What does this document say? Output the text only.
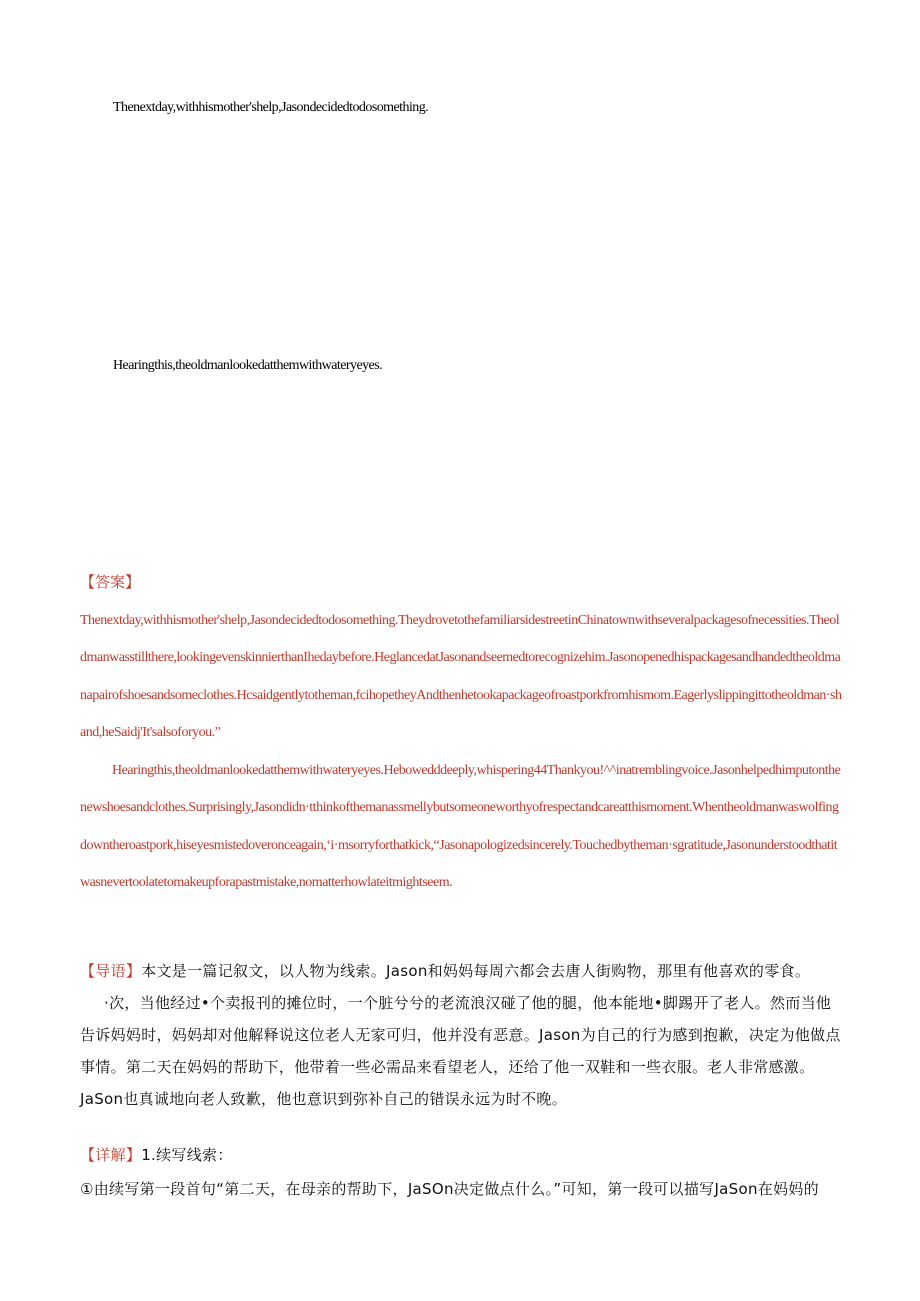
Thenextday,withhismother'shelp,Jasondecidedtodosomething.
Hearingthis,theoldmanlookedatthemwithwateryeyes.
【答案】

Thenextday,withhismother'shelp,Jasondecidedtodosomething.TheydrovetothefamiliarsidestreetinChinatownwithseveralpackagesofnecessities.Theoldmanwasstillthere,lookingevenskinnierthanIhedaybefore.HeglancedatJasonandseemedtorecognizehim.Jasonopenedhispackagesandhandedtheoldmanapairofshoesandsomeclothes.Hcsaidgentlytotheman,fcihopetheyAndthenhetookapackageofroastporkfromhismom.Eagerlyslippingittotheoldman·shand,heSaidj'It'salsoforyou.”

Hearingthis,theoldmanlookedatthemwithwateryeyes.Hebowedddeeply,whispering44Thankyou!^^inatremblingvoice.Jasonhelpedhimputonthenewshoesandclothes.Surprisingly,Jasondidn·tthinkofthemanassmellybutsomeoneworthyofrespectandcareatthismoment.Whentheoldmanwaswolfingdowntheroastpork,hiseyesmistedoveronceagain,‘i·msorryforthatkick,“Jasonapologizedsincerely.Touchedbytheman·sgratitude,Jasonunderstoodthatitwasnevertoolatetomakeupforapastmistake,nomatterhowlateitmightseem.

【导语】本文是一篇记叙文，以人物为线索。Jason和妈妈每周六都会去唐人街购物，那里有他喜欢的零食。
·次，当他经过•个卖报刊的摊位时，一个脏兮兮的老流浪汉碰了他的腿，他本能地•脚踢开了老人。然而当他告诉妈妈时，妈妈却对他解释说这位老人无家可归，他并没有恶意。Jason为自己的行为感到抱歉，决定为他做点事情。第二天在妈妈的帮助下，他带着一些必需品来看望老人，还给了他一双鞋和一些衣服。老人非常感激。JaSon也真诚地向老人致歉，他也意识到弥补自己的错误永远为时不晚。
【详解】1.续写线索：
①由续写第一段首句“第二天，在母亲的帮助下，JaSOn决定做点什么。”可知，第一段可以描写JaSon在妈妈的
